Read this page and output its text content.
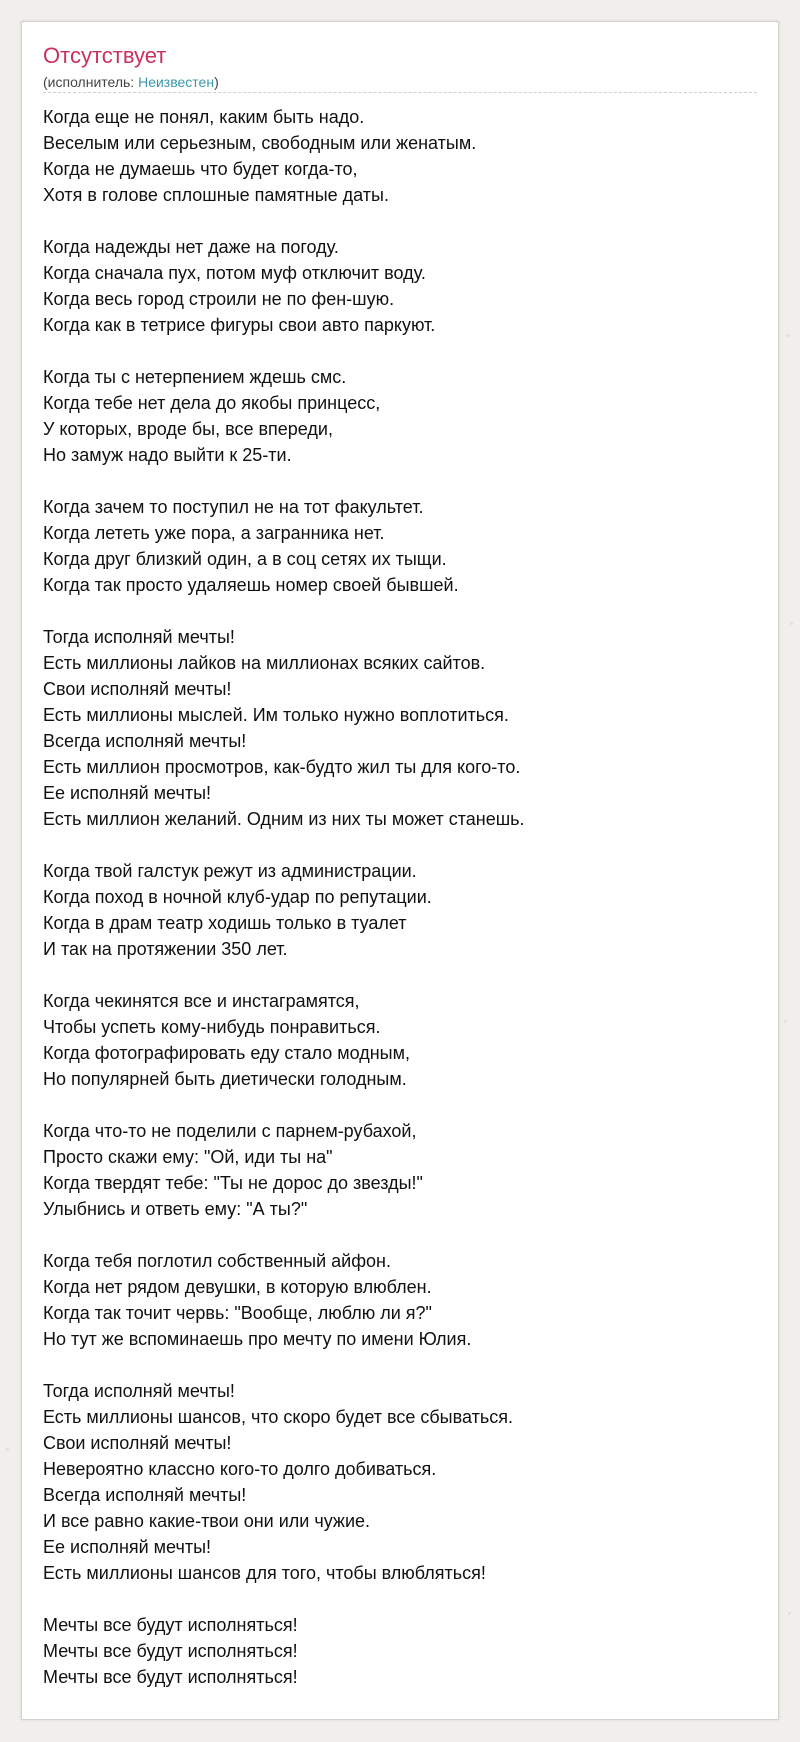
Отсутствует
(исполнитель: Неизвестен)
Когда еще не понял, каким быть надо.
Веселым или серьезным, свободным или женатым.
Когда не думаешь что будет когда-то,
Хотя в голове сплошные памятные даты.
Когда надежды нет даже на погоду.
Когда сначала пух, потом муф отключит воду.
Когда весь город строили не по фен-шую.
Когда как в тетрисе фигуры свои авто паркуют.
Когда ты с нетерпением ждешь смс.
Когда тебе нет дела до якобы принцесс,
У которых, вроде бы, все впереди,
Но замуж надо выйти к 25-ти.
Когда зачем то поступил не на тот факультет.
Когда лететь уже пора, а загранника нет.
Когда друг близкий один, а в соц сетях их тыщи.
Когда так просто удаляешь номер своей бывшей.
Тогда исполняй мечты!
Есть миллионы лайков на миллионах всяких сайтов.
Свои исполняй мечты!
Есть миллионы мыслей. Им только нужно воплотиться.
Всегда исполняй мечты!
Есть миллион просмотров, как-будто жил ты для кого-то.
Ее исполняй мечты!
Есть миллион желаний. Одним из них ты может станешь.
Когда твой галстук режут из администрации.
Когда поход в ночной клуб-удар по репутации.
Когда в драм театр ходишь только в туалет
И так на протяжении 350 лет.
Когда чекинятся все и инстаграмятся,
Чтобы успеть кому-нибудь понравиться.
Когда фотографировать еду стало модным,
Но популярней быть диетически голодным.
Когда что-то не поделили с парнем-рубахой,
Просто скажи ему: "Ой, иди ты на"
Когда твердят тебе: "Ты не дорос до звезды!"
Улыбнись и ответь ему: "А ты?"
Когда тебя поглотил собственный айфон.
Когда нет рядом девушки, в которую влюблен.
Когда так точит червь: "Вообще, люблю ли я?"
Но тут же вспоминаешь про мечту по имени Юлия.
Тогда исполняй мечты!
Есть миллионы шансов, что скоро будет все сбываться.
Свои исполняй мечты!
Невероятно классно кого-то долго добиваться.
Всегда исполняй мечты!
И все равно какие-твои они или чужие.
Ее исполняй мечты!
Есть миллионы шансов для того, чтобы влюбляться!
Мечты все будут исполняться!
Мечты все будут исполняться!
Мечты все будут исполняться!
